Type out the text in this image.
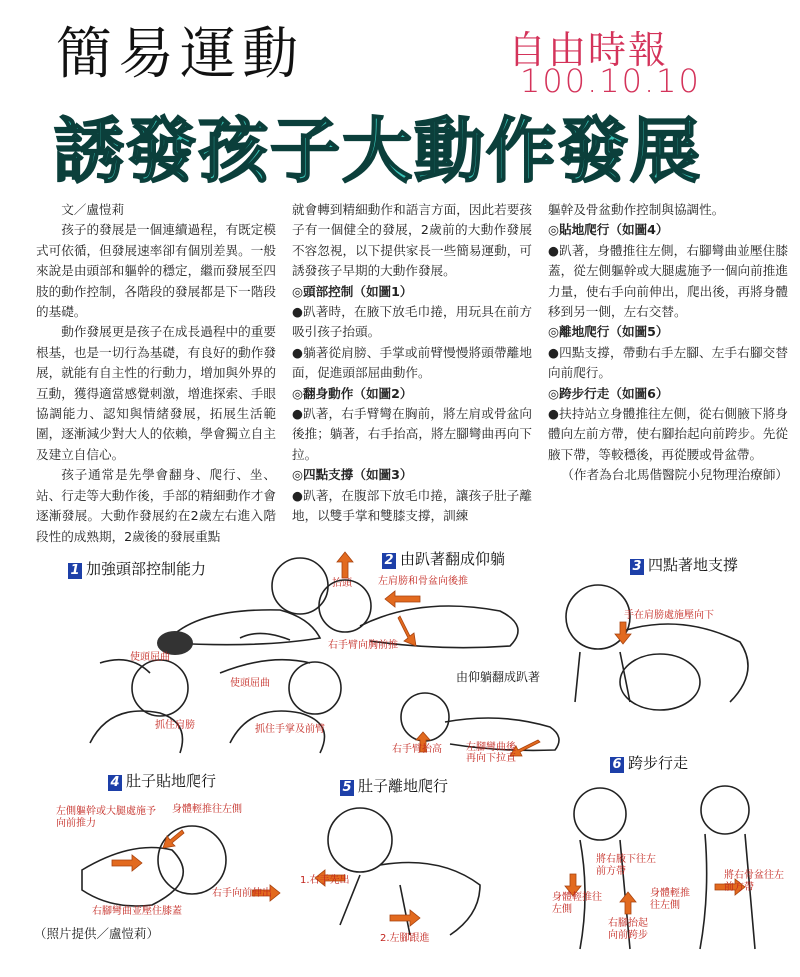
簡易運動	自由時報
100.10.10
誘發孩子大動作發展

文／盧愷莉

孩子的發展是一個連續過程，有既定模式可依循，但發展速率卻有個別差異。一般來說是由頭部和軀幹的穩定，繼而發展至四肢的動作控制，各階段的發展都是下一階段的基礎。

動作發展更是孩子在成長過程中的重要根基，也是一切行為基礎，有良好的動作發展，就能有自主性的行動力，增加與外界的互動，獲得適當感覺刺激，增進探索、手眼協調能力、認知與情緒發展，拓展生活範圍，逐漸減少對大人的依賴，學會獨立自主及建立自信心。

孩子通常是先學會翻身、爬行、坐、站、行走等大動作後，手部的精細動作才會逐漸發展。大動作發展約在2歲左右進入階段性的成熟期，2歲後的發展重點

就會轉到精細動作和語言方面，因此若要孩子有一個健全的發展，2歲前的大動作發展不容忽視，以下提供家長一些簡易運動，可誘發孩子早期的大動作發展。

◎頭部控制（如圖1）

●趴著時，在腋下放毛巾捲，用玩具在前方吸引孩子抬頭。

●躺著從肩膀、手掌或前臂慢慢將頭帶離地面，促進頭部屈曲動作。

◎翻身動作（如圖2）

●趴著，右手臂彎在胸前，將左肩或骨盆向後推；躺著，右手抬高，將左腳彎曲再向下拉。

◎四點支撐（如圖3）

●趴著，在腹部下放毛巾捲，讓孩子肚子離地，以雙手掌和雙膝支撐，訓練

軀幹及骨盆動作控制與協調性。

◎貼地爬行（如圖4）

●趴著，身體推往左側，右腳彎曲並壓住膝蓋，從左側軀幹或大腿處施予一個向前推進力量，使右手向前伸出，爬出後，再將身體移到另一側，左右交替。

◎離地爬行（如圖5）

●四點支撐，帶動右手左腳、左手右腳交替向前爬行。

◎跨步行走（如圖6）

●扶持站立身體推往左側，從右側腋下將身體向左前方帶，使右腳抬起向前跨步。先從腋下帶，等較穩後，再從腰或骨盆帶。

（作者為台北馬偕醫院小兒物理治療師）

1 加強頭部控制能力
抬頭
使頭屈曲
使頭屈曲
抓住肩膀	抓住手掌及前臂
2 由趴著翻成仰躺
左肩膀和骨盆向後推
右手臂向胸前推
由仰躺翻成趴著
右手臂抬高 左腳彎曲後再向下拉直
3 四點著地支撐
手在肩膀處施壓向下
4 肚子貼地爬行
左側軀幹或大腿處施予向前推力
身體輕推往左側
右手向前伸出
右腳彎曲並壓住膝蓋
5 肚子離地爬行
1.右手先出
2.左腳跟進
6 跨步行走
將右腋下往左前方帶
身體輕推往左側
右腳抬起向前跨步
將右骨盆往左前方帶
身體輕推往左側
（照片提供／盧愷莉）
